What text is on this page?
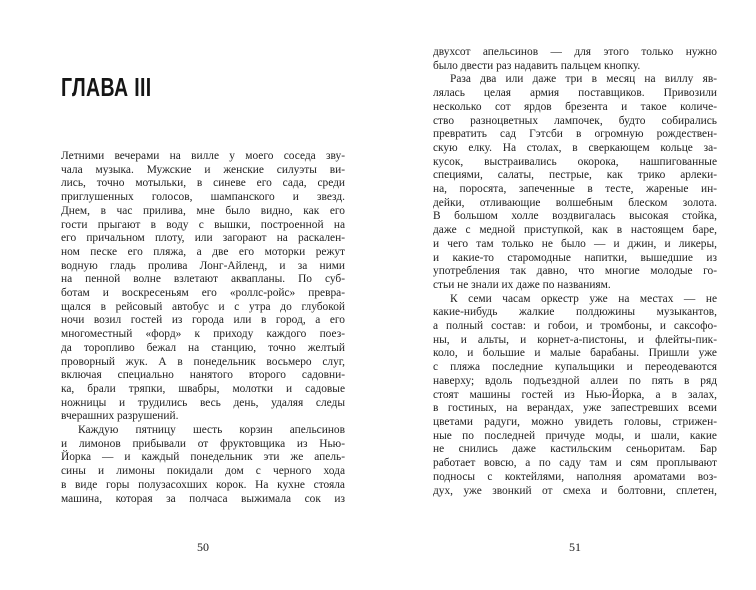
ГЛАВА III
Летними вечерами на вилле у моего соседа зву-
чала музыка. Мужские и женские силуэты ви-
лись, точно мотыльки, в синеве его сада, среди
приглушенных голосов, шампанского и звезд.
Днем, в час прилива, мне было видно, как его
гости прыгают в воду с вышки, построенной на
его причальном плоту, или загорают на раскален-
ном песке его пляжа, а две его моторки режут
водную гладь пролива Лонг-Айленд, и за ними
на пенной волне взлетают аквапланы. По суб-
ботам и воскресеньям его «роллс-ройс» превра-
щался в рейсовый автобус и с утра до глубокой
ночи возил гостей из города или в город, а его
многоместный «форд» к приходу каждого поез-
да торопливо бежал на станцию, точно желтый
проворный жук. А в понедельник восьмеро слуг,
включая специально нанятого второго садовни-
ка, брали тряпки, швабры, молотки и садовые
ножницы и трудились весь день, удаляя следы
вчерашних разрушений.
Каждую пятницу шесть корзин апельсинов
и лимонов прибывали от фруктовщика из Нью-
Йорка — и каждый понедельник эти же апель-
сины и лимоны покидали дом с черного хода
в виде горы полузасохших корок. На кухне стояла
машина, которая за полчаса выжимала сок из
50
двухсот апельсинов — для этого только нужно
было двести раз надавить пальцем кнопку.
Раза два или даже три в месяц на виллу яв-
лялась целая армия поставщиков. Привозили
несколько сот ярдов брезента и такое количе-
ство разноцветных лампочек, будто собирались
превратить сад Гэтсби в огромную рождествен-
скую елку. На столах, в сверкающем кольце за-
кусок, выстраивались окорока, нашпигованные
специями, салаты, пестрые, как трико арлеки-
на, поросята, запеченные в тесте, жареные ин-
дейки, отливающие волшебным блеском золота.
В большом холле воздвигалась высокая стойка,
даже с медной приступкой, как в настоящем баре,
и чего там только не было — и джин, и ликеры,
и какие-то старомодные напитки, вышедшие из
употребления так давно, что многие молодые го-
стьи не знали их даже по названиям.
К семи часам оркестр уже на местах — не
какие-нибудь жалкие полдюжины музыкантов,
а полный состав: и гобои, и тромбоны, и саксофо-
ны, и альты, и корнет-а-пистоны, и флейты-пик-
коло, и большие и малые барабаны. Пришли уже
с пляжа последние купальщики и переодеваются
наверху; вдоль подъездной аллеи по пять в ряд
стоят машины гостей из Нью-Йорка, а в залах,
в гостиных, на верандах, уже запестревших всеми
цветами радуги, можно увидеть головы, стрижен-
ные по последней причуде моды, и шали, какие
не снились даже кастильским сеньоритам. Бар
работает вовсю, а по саду там и сям проплывают
подносы с коктейлями, наполняя ароматами воз-
дух, уже звонкий от смеха и болтовни, сплетен,
51
